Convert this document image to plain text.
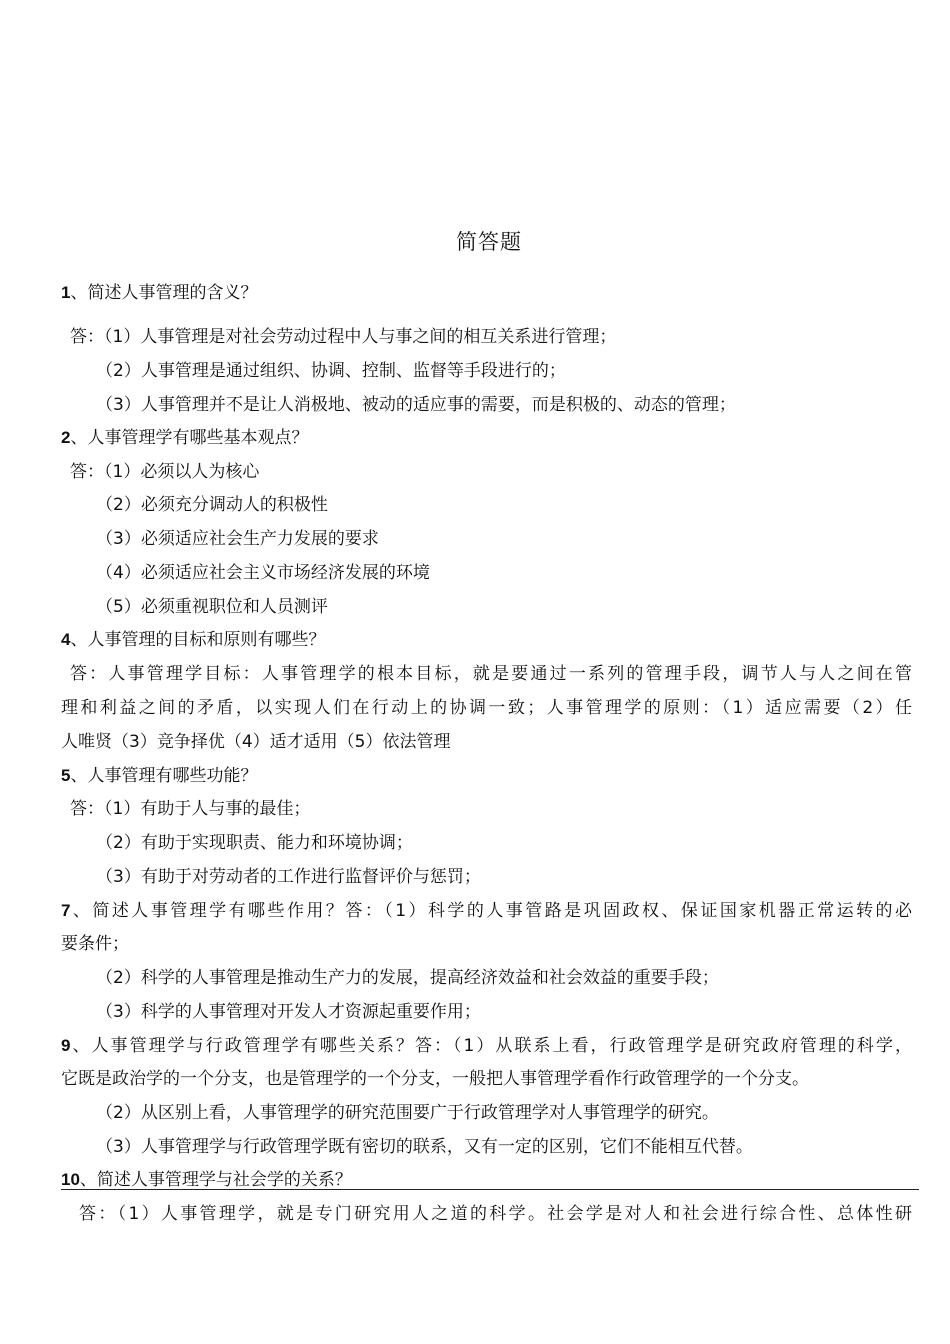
简答题
1、简述人事管理的含义？
答：（1）人事管理是对社会劳动过程中人与事之间的相互关系进行管理；
（2）人事管理是通过组织、协调、控制、监督等手段进行的；
（3）人事管理并不是让人消极地、被动的适应事的需要，而是积极的、动态的管理；
2、人事管理学有哪些基本观点？
答：（1）必须以人为核心
（2）必须充分调动人的积极性
（3）必须适应社会生产力发展的要求
（4）必须适应社会主义市场经济发展的环境
（5）必须重视职位和人员测评
4、人事管理的目标和原则有哪些？
答：人事管理学目标：人事管理学的根本目标，就是要通过一系列的管理手段，调节人与人之间在管
理和利益之间的矛盾，以实现人们在行动上的协调一致；人事管理学的原则：（1）适应需要（2）任
人唯贤（3）竞争择优（4）适才适用（5）依法管理
5、人事管理有哪些功能？
答：（1）有助于人与事的最佳；
（2）有助于实现职责、能力和环境协调；
（3）有助于对劳动者的工作进行监督评价与惩罚；
7、简述人事管理学有哪些作用？答：（1）科学的人事管路是巩固政权、保证国家机器正常运转的必
要条件；
（2）科学的人事管理是推动生产力的发展，提高经济效益和社会效益的重要手段；
（3）科学的人事管理对开发人才资源起重要作用；
9、人事管理学与行政管理学有哪些关系？答：（1）从联系上看，行政管理学是研究政府管理的科学，
它既是政治学的一个分支，也是管理学的一个分支，一般把人事管理学看作行政管理学的一个分支。
（2）从区别上看，人事管理学的研究范围要广于行政管理学对人事管理学的研究。
（3）人事管理学与行政管理学既有密切的联系，又有一定的区别，它们不能相互代替。
10、简述人事管理学与社会学的关系？
答：（1）人事管理学，就是专门研究用人之道的科学。社会学是对人和社会进行综合性、总体性研
